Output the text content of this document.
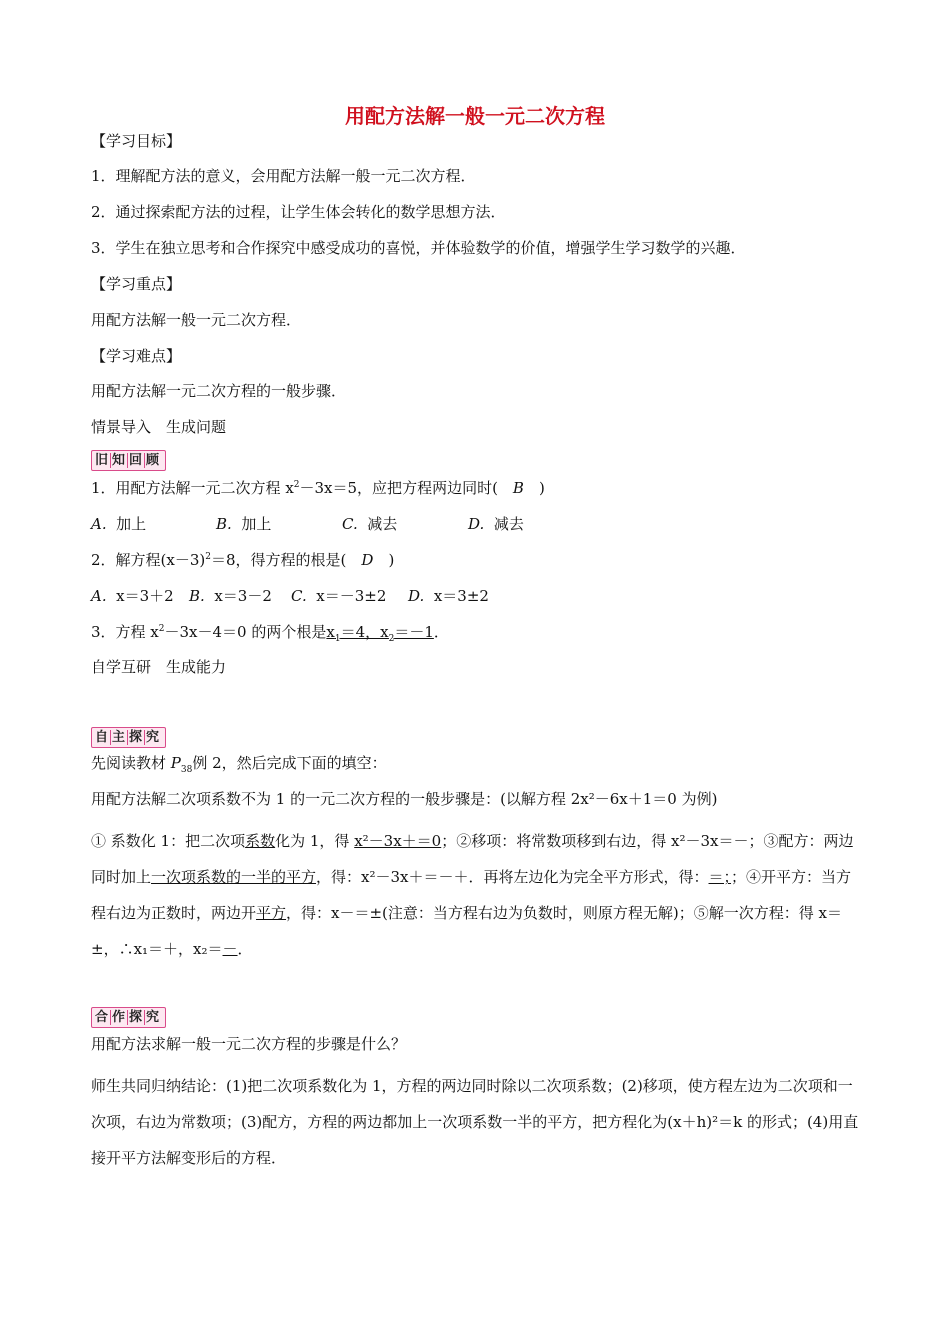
用配方法解一般一元二次方程
【学习目标】
1．理解配方法的意义，会用配方法解一般一元二次方程．
2．通过探索配方法的过程，让学生体会转化的数学思想方法．
3．学生在独立思考和合作探究中感受成功的喜悦，并体验数学的价值，增强学生学习数学的兴趣．
【学习重点】
用配方法解一般一元二次方程．
【学习难点】
用配方法解一元二次方程的一般步骤．
情景导入　生成问题
旧 知 回 顾
1．用配方法解一元二次方程 $x^2-3x=5$，应把方程两边同时(　B　)
A. 加上	B. 加上	C. 减去	D. 减去
2．解方程$(x-3)^2=8$，得方程的根是(　D　)
A. x＝3＋2 B. x＝3－2 C. x＝－3±2 D. x＝3±2
3．方程 $x^2-3x-4=0$ 的两个根是$x_1=4$，$x_2=-1$．
自学互研　生成能力
自 主 探 究
先阅读教材 $P_{38}$例 2，然后完成下面的填空：
用配方法解二次项系数不为 1 的一元二次方程的一般步骤是：(以解方程 2x²－6x＋1＝0 为例)
① 系数化 1：把二次项系数化为 1，得 x²－3x＋＝0；②移项：将常数项移到右边，得 x²－3x＝－；③配方：两边同时加上一次项系数的一半的平方，得：x²－3x＋＝－＋．再将左边化为完全平方形式，得：＝；；④开平方：当方程右边为正数时，两边开平方，得：x－＝±(注意：当方程右边为负数时，则原方程无解)；⑤解一次方程：得 x＝±，∴x₁＝＋，x₂＝－．
合 作 探 究
用配方法求解一般一元二次方程的步骤是什么？
师生共同归纳结论：(1)把二次项系数化为 1，方程的两边同时除以二次项系数；(2)移项，使方程左边为二次项和一次项，右边为常数项；(3)配方，方程的两边都加上一次项系数一半的平方，把方程化为(x＋h)²＝k 的形式；(4)用直接开平方法解变形后的方程．
